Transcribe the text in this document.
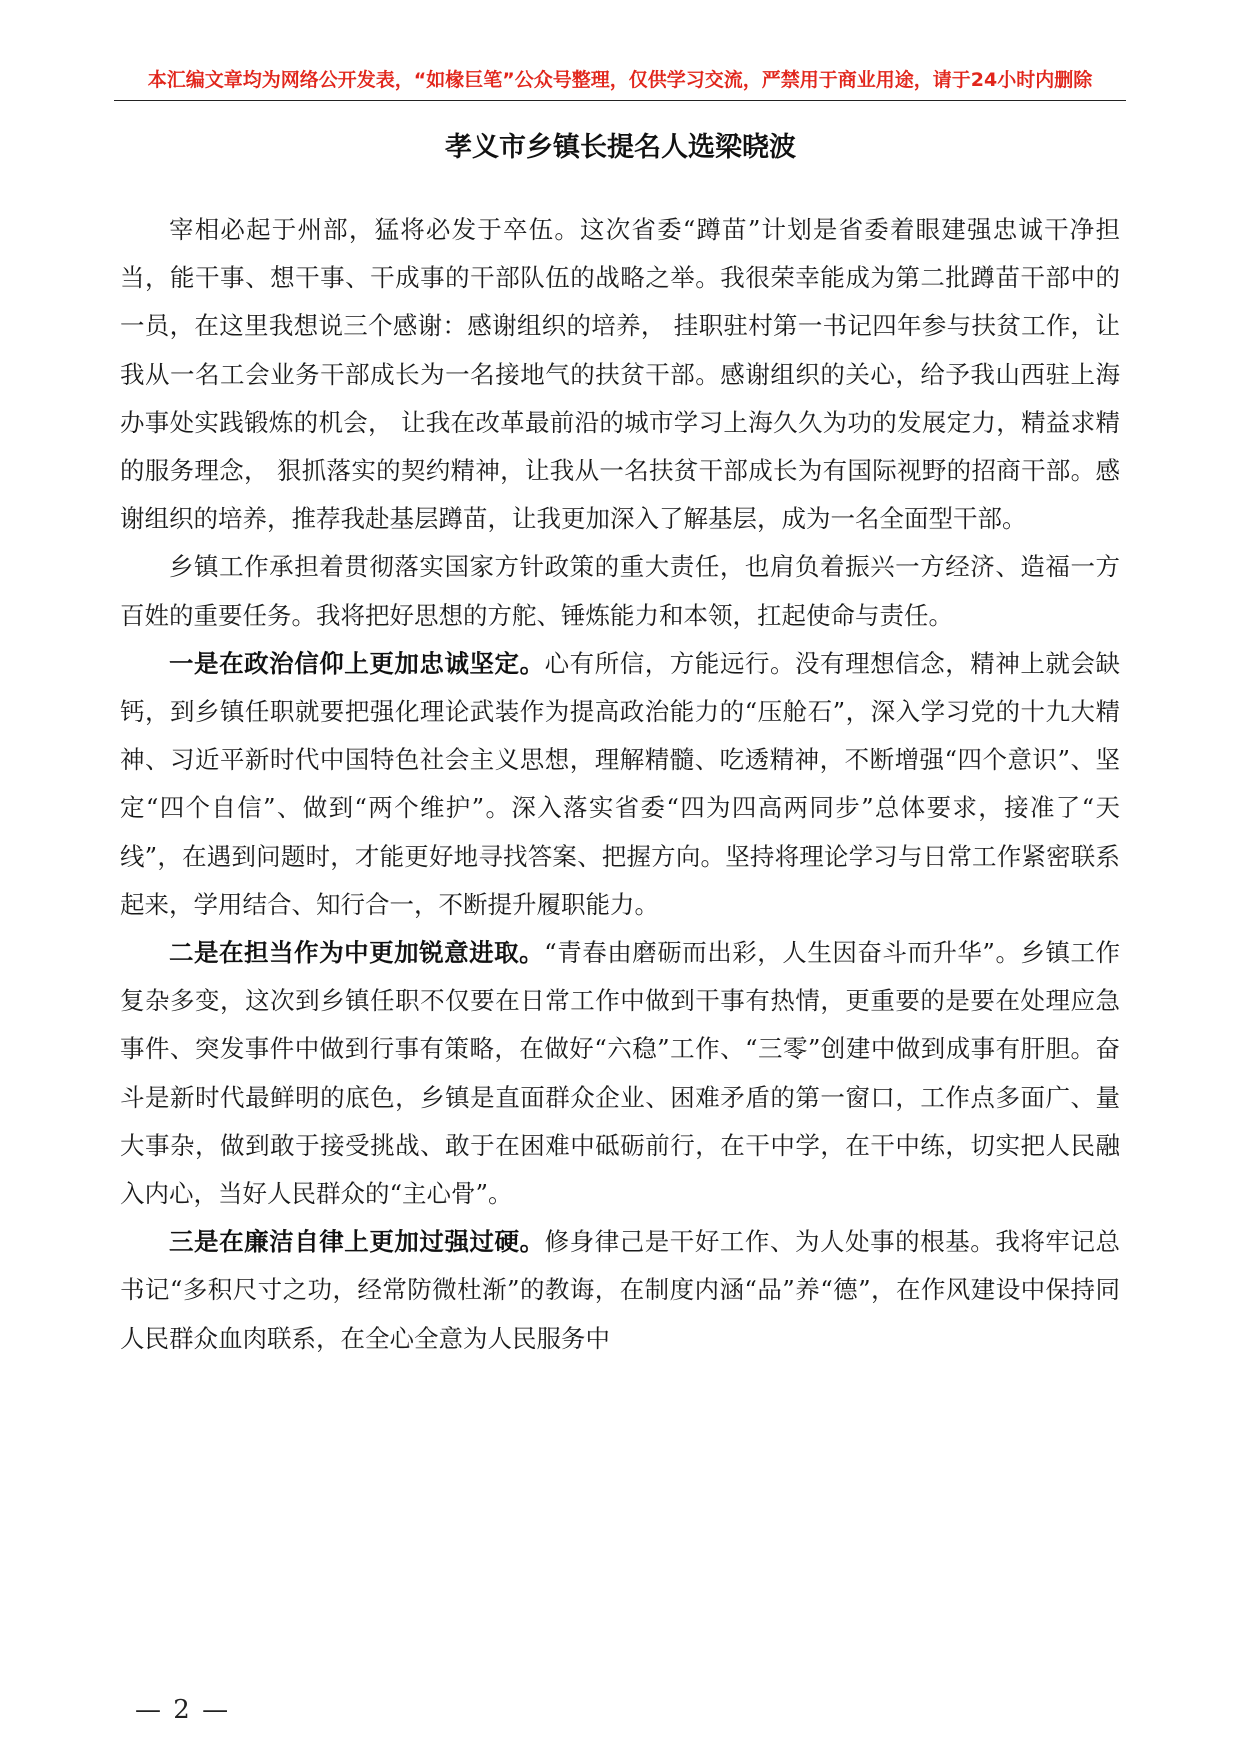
本汇编文章均为网络公开发表，“如椽巨笔”公众号整理，仅供学习交流，严禁用于商业用途，请于24小时内删除
孝义市乡镇长提名人选梁晓波

宰相必起于州部，猛将必发于卒伍。这次省委“蹲苗”计划是省委着眼建强忠诚干净担当，能干事、想干事、干成事的干部队伍的战略之举。我很荣幸能成为第二批蹲苗干部中的一员，在这里我想说三个感谢：感谢组织的培养， 挂职驻村第一书记四年参与扶贫工作，让我从一名工会业务干部成长为一名接地气的扶贫干部。感谢组织的关心，给予我山西驻上海办事处实践锻炼的机会， 让我在改革最前沿的城市学习上海久久为功的发展定力，精益求精的服务理念， 狠抓落实的契约精神，让我从一名扶贫干部成长为有国际视野的招商干部。感谢组织的培养，推荐我赴基层蹲苗，让我更加深入了解基层，成为一名全面型干部。

乡镇工作承担着贯彻落实国家方针政策的重大责任，也肩负着振兴一方经济、造福一方百姓的重要任务。我将把好思想的方舵、锤炼能力和本领，扛起使命与责任。

一是在政治信仰上更加忠诚坚定。心有所信，方能远行。没有理想信念，精神上就会缺钙，到乡镇任职就要把强化理论武装作为提高政治能力的“压舱石”，深入学习党的十九大精神、习近平新时代中国特色社会主义思想，理解精髓、吃透精神，不断增强“四个意识”、坚定“四个自信”、做到“两个维护”。深入落实省委“四为四高两同步”总体要求，接准了“天线”，在遇到问题时，才能更好地寻找答案、把握方向。坚持将理论学习与日常工作紧密联系起来，学用结合、知行合一，不断提升履职能力。

二是在担当作为中更加锐意进取。“青春由磨砺而出彩，人生因奋斗而升华”。乡镇工作复杂多变，这次到乡镇任职不仅要在日常工作中做到干事有热情，更重要的是要在处理应急事件、突发事件中做到行事有策略，在做好“六稳”工作、“三零”创建中做到成事有肝胆。奋斗是新时代最鲜明的底色，乡镇是直面群众企业、困难矛盾的第一窗口，工作点多面广、量大事杂，做到敢于接受挑战、敢于在困难中砥砺前行，在干中学，在干中练，切实把人民融入内心，当好人民群众的“主心骨”。

三是在廉洁自律上更加过强过硬。修身律己是干好工作、为人处事的根基。我将牢记总书记“多积尺寸之功，经常防微杜渐”的教诲，在制度内涵“品”养“德”，在作风建设中保持同人民群众血肉联系，在全心全意为人民服务中

— 2 —
